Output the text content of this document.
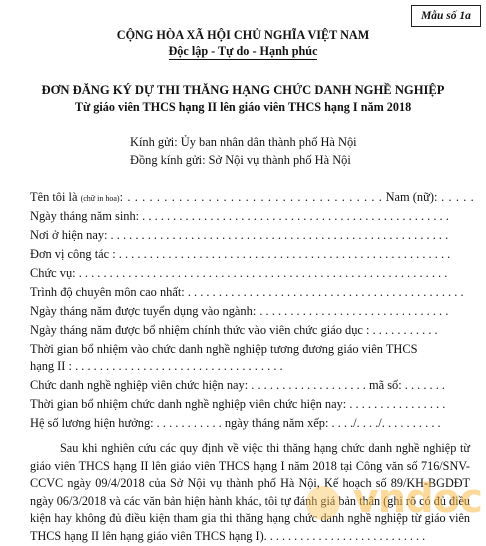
Mẫu số 1a
CỘNG HÒA XÃ HỘI CHỦ NGHĨA VIỆT NAM
Độc lập - Tự do - Hạnh phúc
ĐƠN ĐĂNG KÝ DỰ THI THĂNG HẠNG CHỨC DANH NGHỀ NGHIỆP
Từ giáo viên THCS hạng II lên giáo viên THCS hạng I năm 2018
Kính gửi: Ủy ban nhân dân thành phố Hà Nội
Đồng kính gửi: Sở Nội vụ thành phố Hà Nội
Tên tôi là (chữ in hoa): . . . . . . . . . . . . . . . . . . . . . . . . . . . . . . . . . . . Nam (nữ): . . . . .
Ngày tháng năm sinh: . . . . . . . . . . . . . . . . . . . . . . . . . . . . . . . . . . . . . . . . . . . . . . . . . .
Nơi ở hiện nay: . . . . . . . . . . . . . . . . . . . . . . . . . . . . . . . . . . . . . . . . . . . . . . . . . . . . . . .
Đơn vị công tác : . . . . . . . . . . . . . . . . . . . . . . . . . . . . . . . . . . . . . . . . . . . . . . . . . . . . . .
Chức vụ: . . . . . . . . . . . . . . . . . . . . . . . . . . . . . . . . . . . . . . . . . . . . . . . . . . . . . . . . . . . .
Trình độ chuyên môn cao nhất: . . . . . . . . . . . . . . . . . . . . . . . . . . . . . . . . . . . . . . . . . . . . .
Ngày tháng năm được tuyển dụng vào ngành: . . . . . . . . . . . . . . . . . . . . . . . . . . . . . . .
Ngày tháng năm được bổ nhiệm chính thức vào viên chức giáo dục : . . . . . . . . . . .
Thời gian bổ nhiệm vào chức danh nghề nghiệp tương đương giáo viên THCS
hạng II : . . . . . . . . . . . . . . . . . . . . . . . . . . . . . . . . . .
Chức danh nghề nghiệp viên chức hiện nay: . . . . . . . . . . . . . . . . . . . mã số: . . . . . . .
Thời gian bổ nhiệm chức danh nghề nghiệp viên chức hiện nay: . . . . . . . . . . . . . . . .
Hệ số lương hiện hưởng: . . . . . . . . . . . ngày tháng năm xếp: . . . ./. . . ./. . . . . . . . . .
Sau khi nghiên cứu các quy định về việc thi thăng hạng chức danh nghề nghiệp từ giáo viên THCS hạng II lên giáo viên THCS hạng I năm 2018 tại Công văn số 716/SNV-CCVC ngày 09/4/2018 của Sở Nội vụ thành phố Hà Nội, Kế hoạch số 89/KH-BGDĐT ngày 06/3/2018 và các văn bản hiện hành khác, tôi tự đánh giá bản thân (ghi rõ có đủ điều kiện hay không đủ điều kiện tham gia thi thăng hạng chức danh nghề nghiệp từ giáo viên THCS hạng II lên hạng giáo viên THCS hạng I). . . . . . . . . . . . . . . . . . . . . . . . . . .
vndoc
